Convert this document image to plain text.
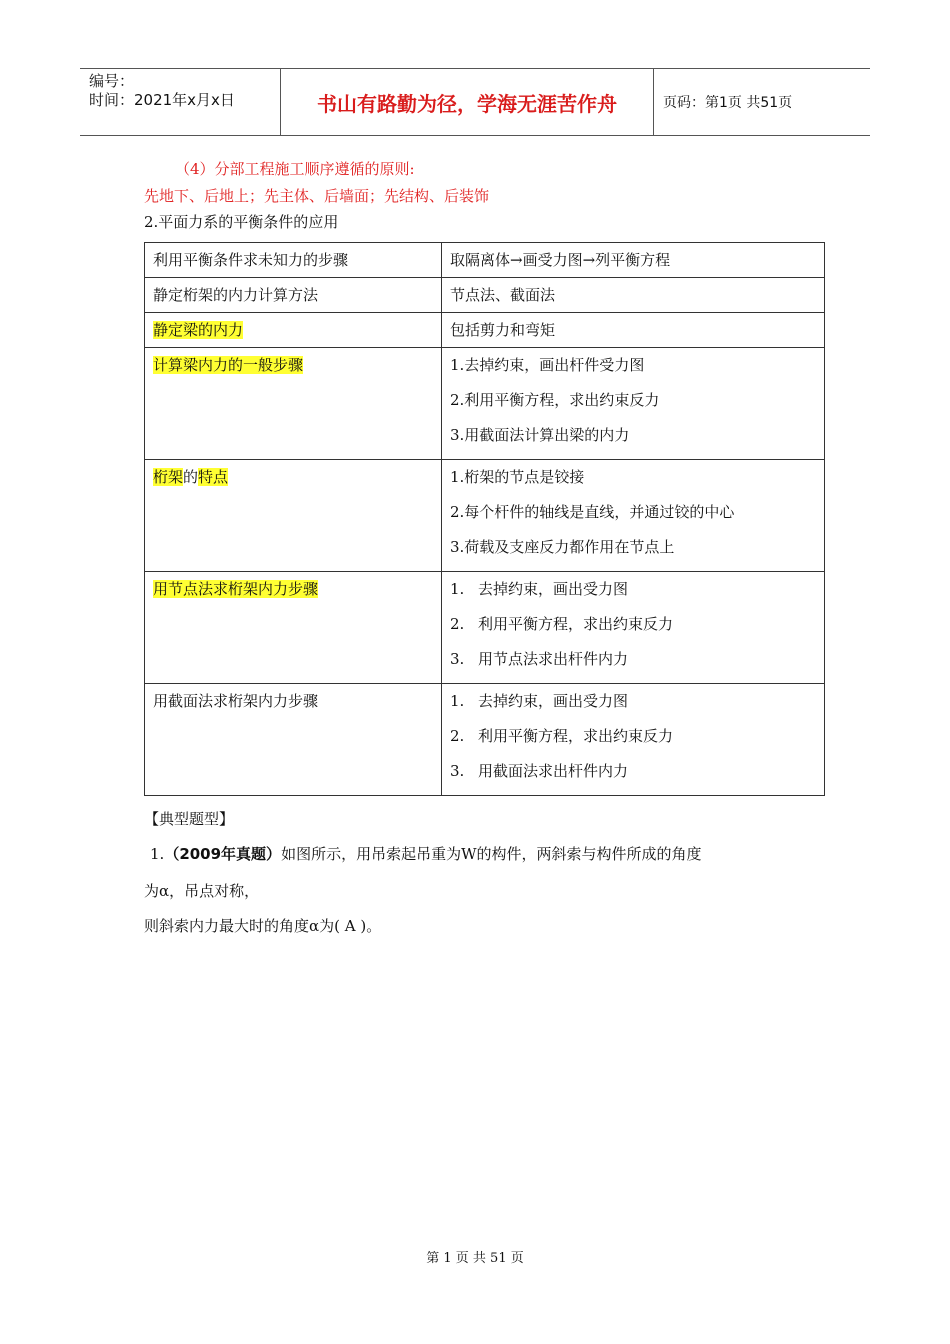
编号：
时间：2021年x月x日	书山有路勤为径，学海无涯苦作舟	页码：第1页 共51页
（4）分部工程施工顺序遵循的原则:
先地下、后地上；先主体、后墙面；先结构、后装饰
2.平面力系的平衡条件的应用
利用平衡条件求未知力的步骤	取隔离体→画受力图→列平衡方程
静定桁架的内力计算方法	节点法、截面法
静定梁的内力	包括剪力和弯矩
计算梁内力的一般步骤	1.去掉约束，画出杆件受力图
2.利用平衡方程，求出约束反力
3.用截面法计算出梁的内力

桁架的特点	1.桁架的节点是铰接
2.每个杆件的轴线是直线，并通过铰的中心
3.荷载及支座反力都作用在节点上

用节点法求桁架内力步骤	1. 去掉约束，画出受力图
2. 利用平衡方程，求出约束反力
3. 用节点法求出杆件内力

用截面法求桁架内力步骤	1. 去掉约束，画出受力图
2. 利用平衡方程，求出约束反力
3. 用截面法求出杆件内力
【典型题型】
1.（2009年真题）如图所示，用吊索起吊重为W的构件，两斜索与构件所成的角度
为α，吊点对称，
则斜索内力最大时的角度α为( A )。
第 1 页 共 51 页
